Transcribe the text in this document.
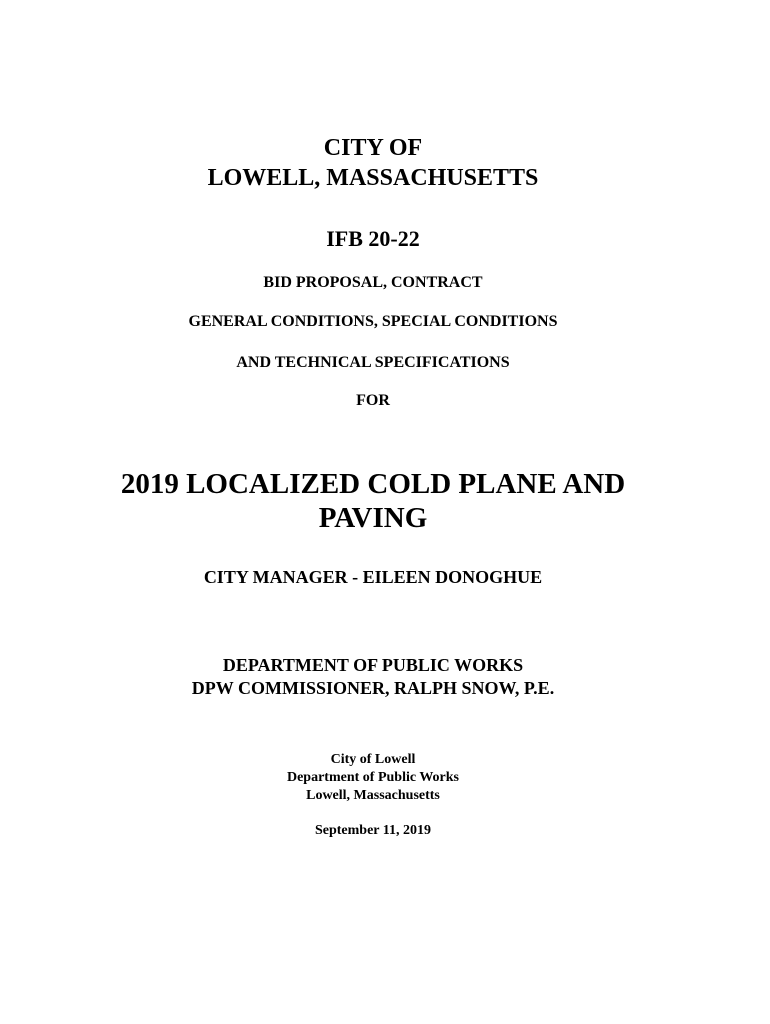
CITY OF
LOWELL, MASSACHUSETTS
IFB 20-22
BID PROPOSAL, CONTRACT
GENERAL CONDITIONS, SPECIAL CONDITIONS
AND TECHNICAL SPECIFICATIONS
FOR
2019 LOCALIZED COLD PLANE AND
PAVING
CITY MANAGER - EILEEN DONOGHUE
DEPARTMENT OF PUBLIC WORKS
DPW COMMISSIONER, RALPH SNOW, P.E.
City of Lowell
Department of Public Works
Lowell, Massachusetts
September 11, 2019
